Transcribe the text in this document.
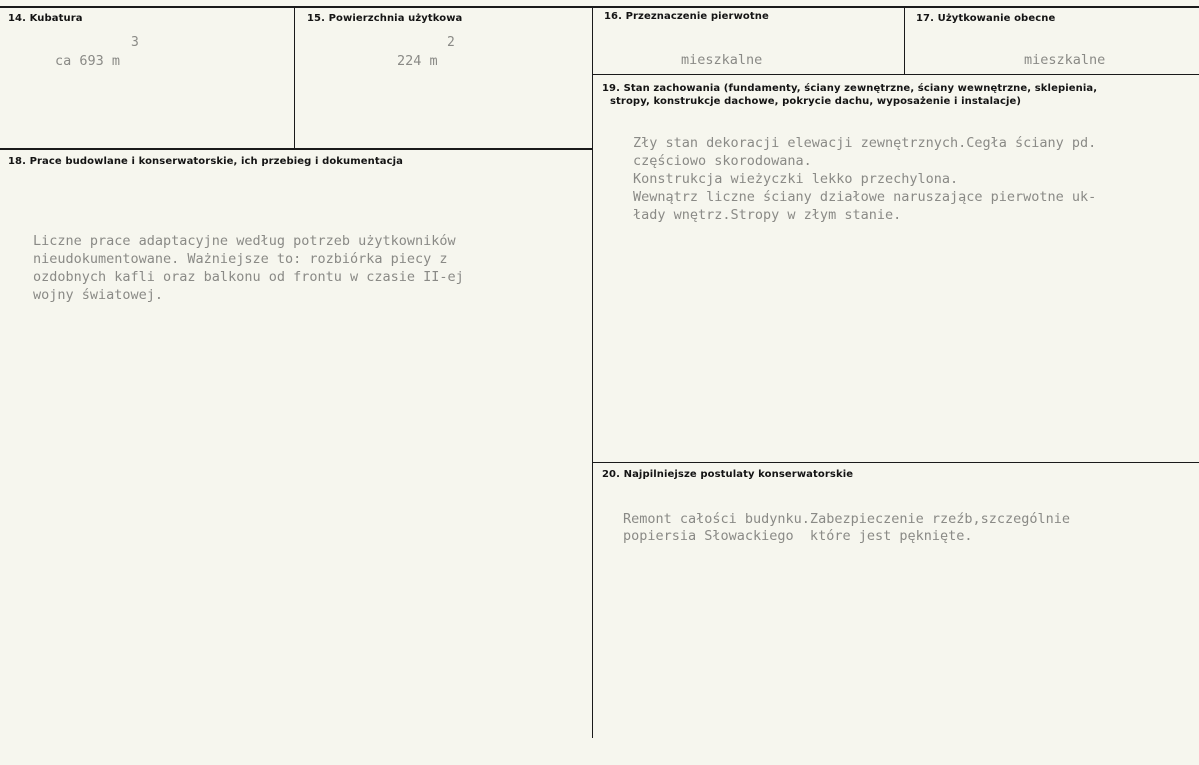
14. Kubatura
3
ca 693 m
15. Powierzchnia użytkowa
2
224 m
16. Przeznaczenie pierwotne
mieszkalne
17. Użytkowanie obecne
mieszkalne
19. Stan zachowania (fundamenty, ściany zewnętrzne, ściany wewnętrzne, sklepienia,
stropy, konstrukcje dachowe, pokrycie dachu, wyposażenie i instalacje)
Zły stan dekoracji elewacji zewnętrznych.Cegła ściany pd.
częściowo skorodowana.
Konstrukcja wieżyczki lekko przechylona.
Wewnątrz liczne ściany działowe naruszające pierwotne uk-
łady wnętrz.Stropy w złym stanie.
18. Prace budowlane i konserwatorskie, ich przebieg i dokumentacja
Liczne prace adaptacyjne według potrzeb użytkowników
nieudokumentowane. Ważniejsze to: rozbiórka piecy z
ozdobnych kafli oraz balkonu od frontu w czasie II-ej
wojny światowej.
20. Najpilniejsze postulaty konserwatorskie
Remont całości budynku.Zabezpieczenie rzeźb,szczególnie
popiersia Słowackiego  które jest pęknięte.
